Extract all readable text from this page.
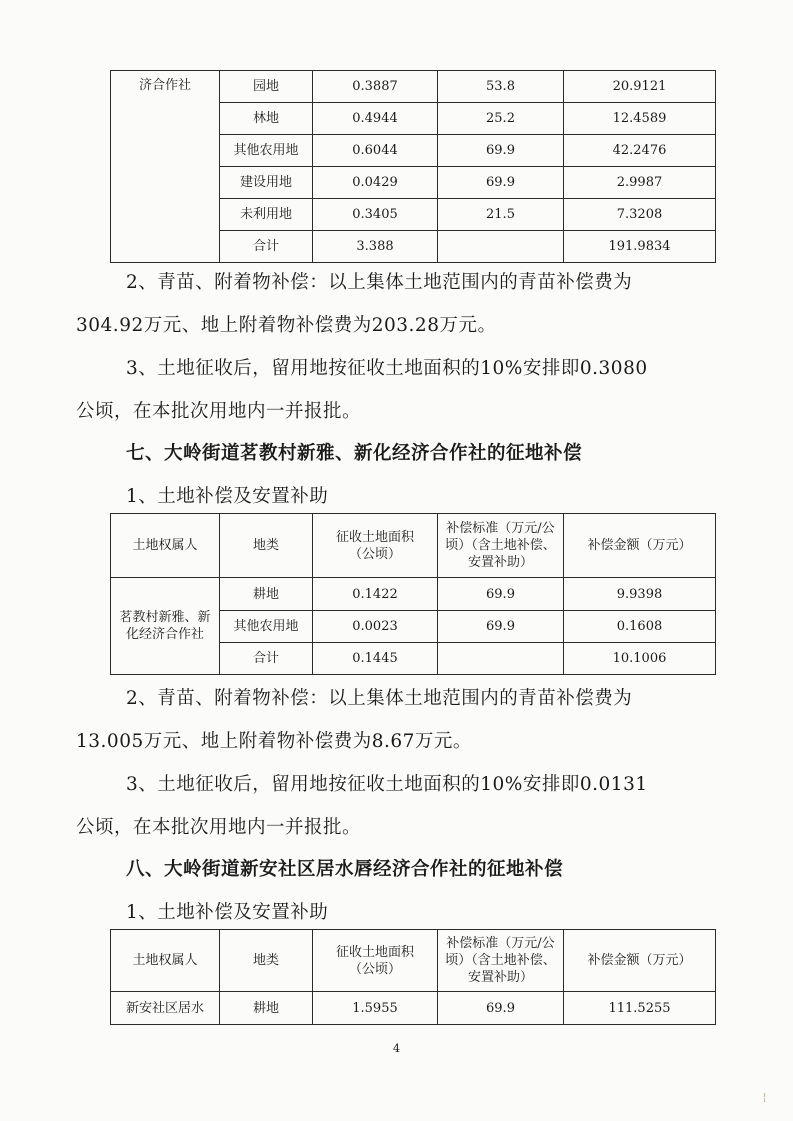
济合作社	园地	0.3887	53.8	20.9121
	林地	0.4944	25.2	12.4589
	其他农用地	0.6044	69.9	42.2476
	建设用地	0.0429	69.9	2.9987
	未利用地	0.3405	21.5	7.3208
	合计	3.388		191.9834

2、青苗、附着物补偿：以上集体土地范围内的青苗补偿费为

304.92万元、地上附着物补偿费为203.28万元。

3、土地征收后，留用地按征收土地面积的10%安排即0.3080

公顷，在本批次用地内一并报批。

七、大岭街道茗教村新雅、新化经济合作社的征地补偿

1、土地补偿及安置补助

土地权属人	地类	征收土地面积（公顷）	补偿标准（万元/公顷）（含土地补偿、安置补助）	补偿金额（万元）
茗教村新雅、新化经济合作社	耕地	0.1422	69.9	9.9398
	其他农用地	0.0023	69.9	0.1608
	合计	0.1445		10.1006

2、青苗、附着物补偿：以上集体土地范围内的青苗补偿费为

13.005万元、地上附着物补偿费为8.67万元。

3、土地征收后，留用地按征收土地面积的10%安排即0.0131

公顷，在本批次用地内一并报批。

八、大岭街道新安社区居水唇经济合作社的征地补偿

1、土地补偿及安置补助

土地权属人	地类	征收土地面积（公顷）	补偿标准（万元/公顷）（含土地补偿、安置补助）	补偿金额（万元）
新安社区居水	耕地	1.5955	69.9	111.5255
4
¦
